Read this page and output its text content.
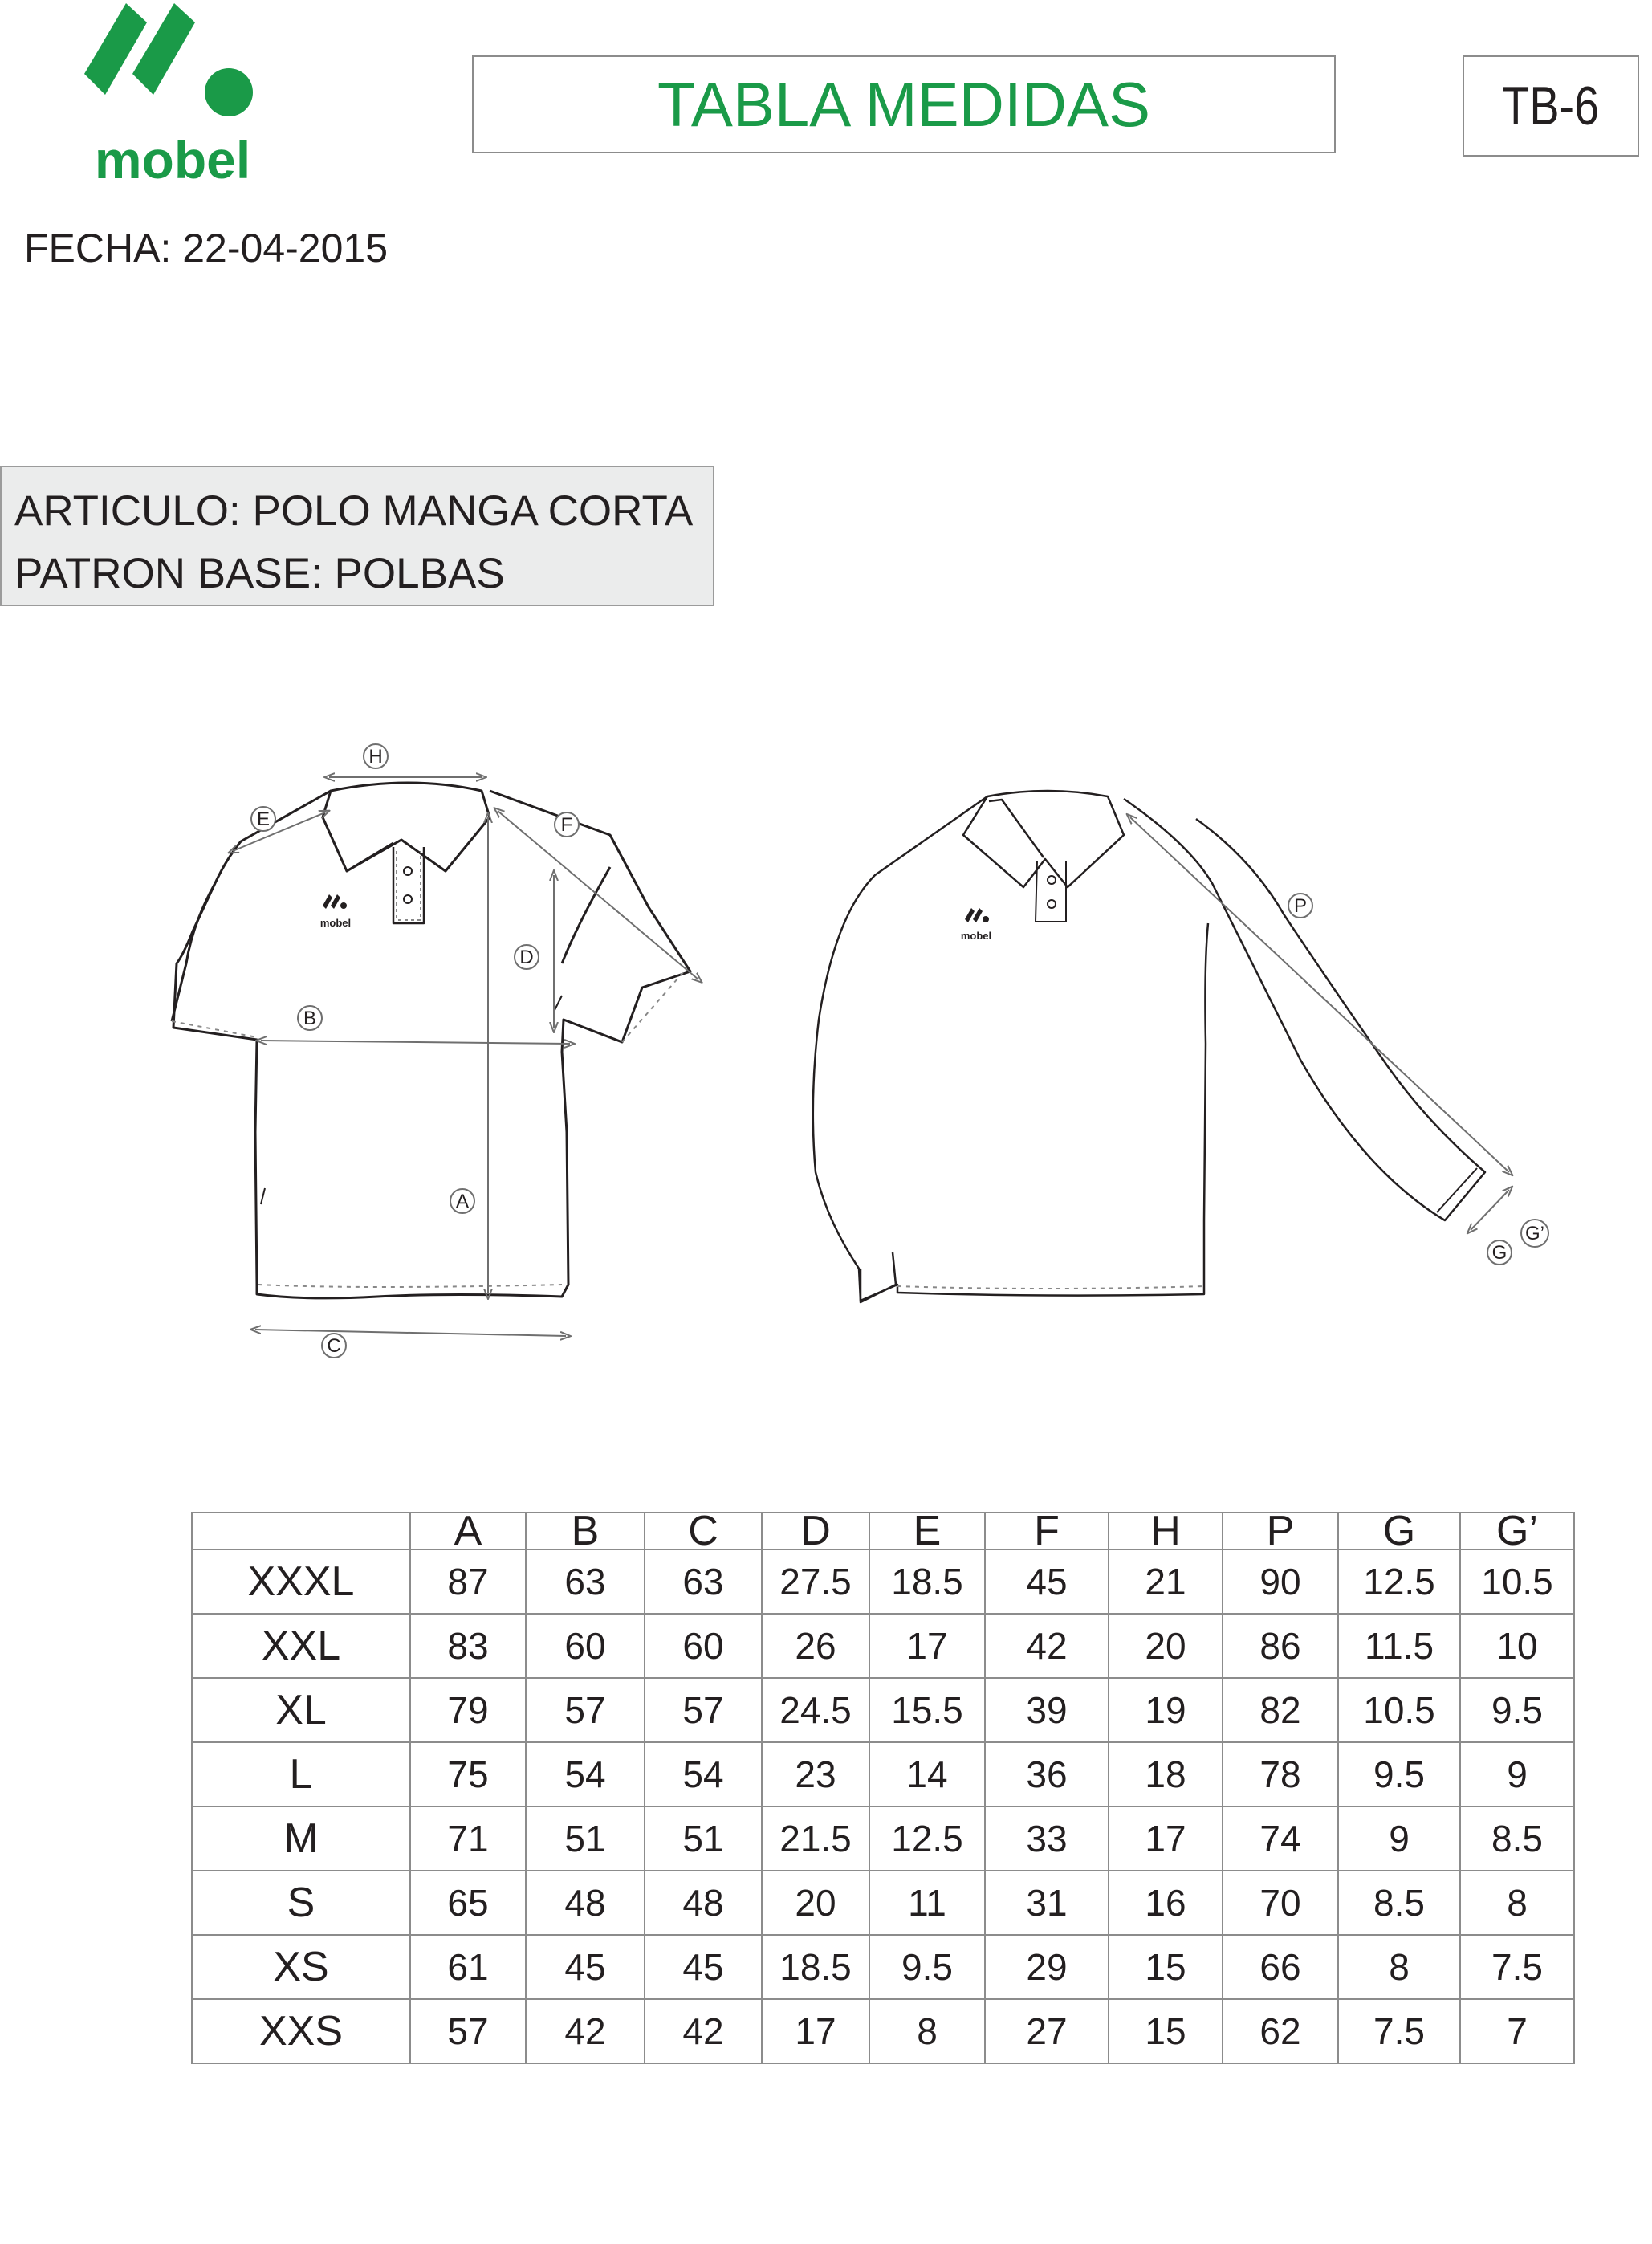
mobel
TABLA MEDIDAS	TB-6
FECHA: 22-04-2015
ARTICULO: POLO MANGA CORTA
PATRON BASE: POLBAS
mobel
H
E	F
D
B
A
C
mobel
P
G
G’
	A	B	C	D	E	F	H	P	G	G’
XXXL	87	63	63	27.5	18.5	45	21	90	12.5	10.5
XXL	83	60	60	26	17	42	20	86	11.5	10
XL	79	57	57	24.5	15.5	39	19	82	10.5	9.5
L	75	54	54	23	14	36	18	78	9.5	9
M	71	51	51	21.5	12.5	33	17	74	9	8.5
S	65	48	48	20	11	31	16	70	8.5	8
XS	61	45	45	18.5	9.5	29	15	66	8	7.5
XXS	57	42	42	17	8	27	15	62	7.5	7
